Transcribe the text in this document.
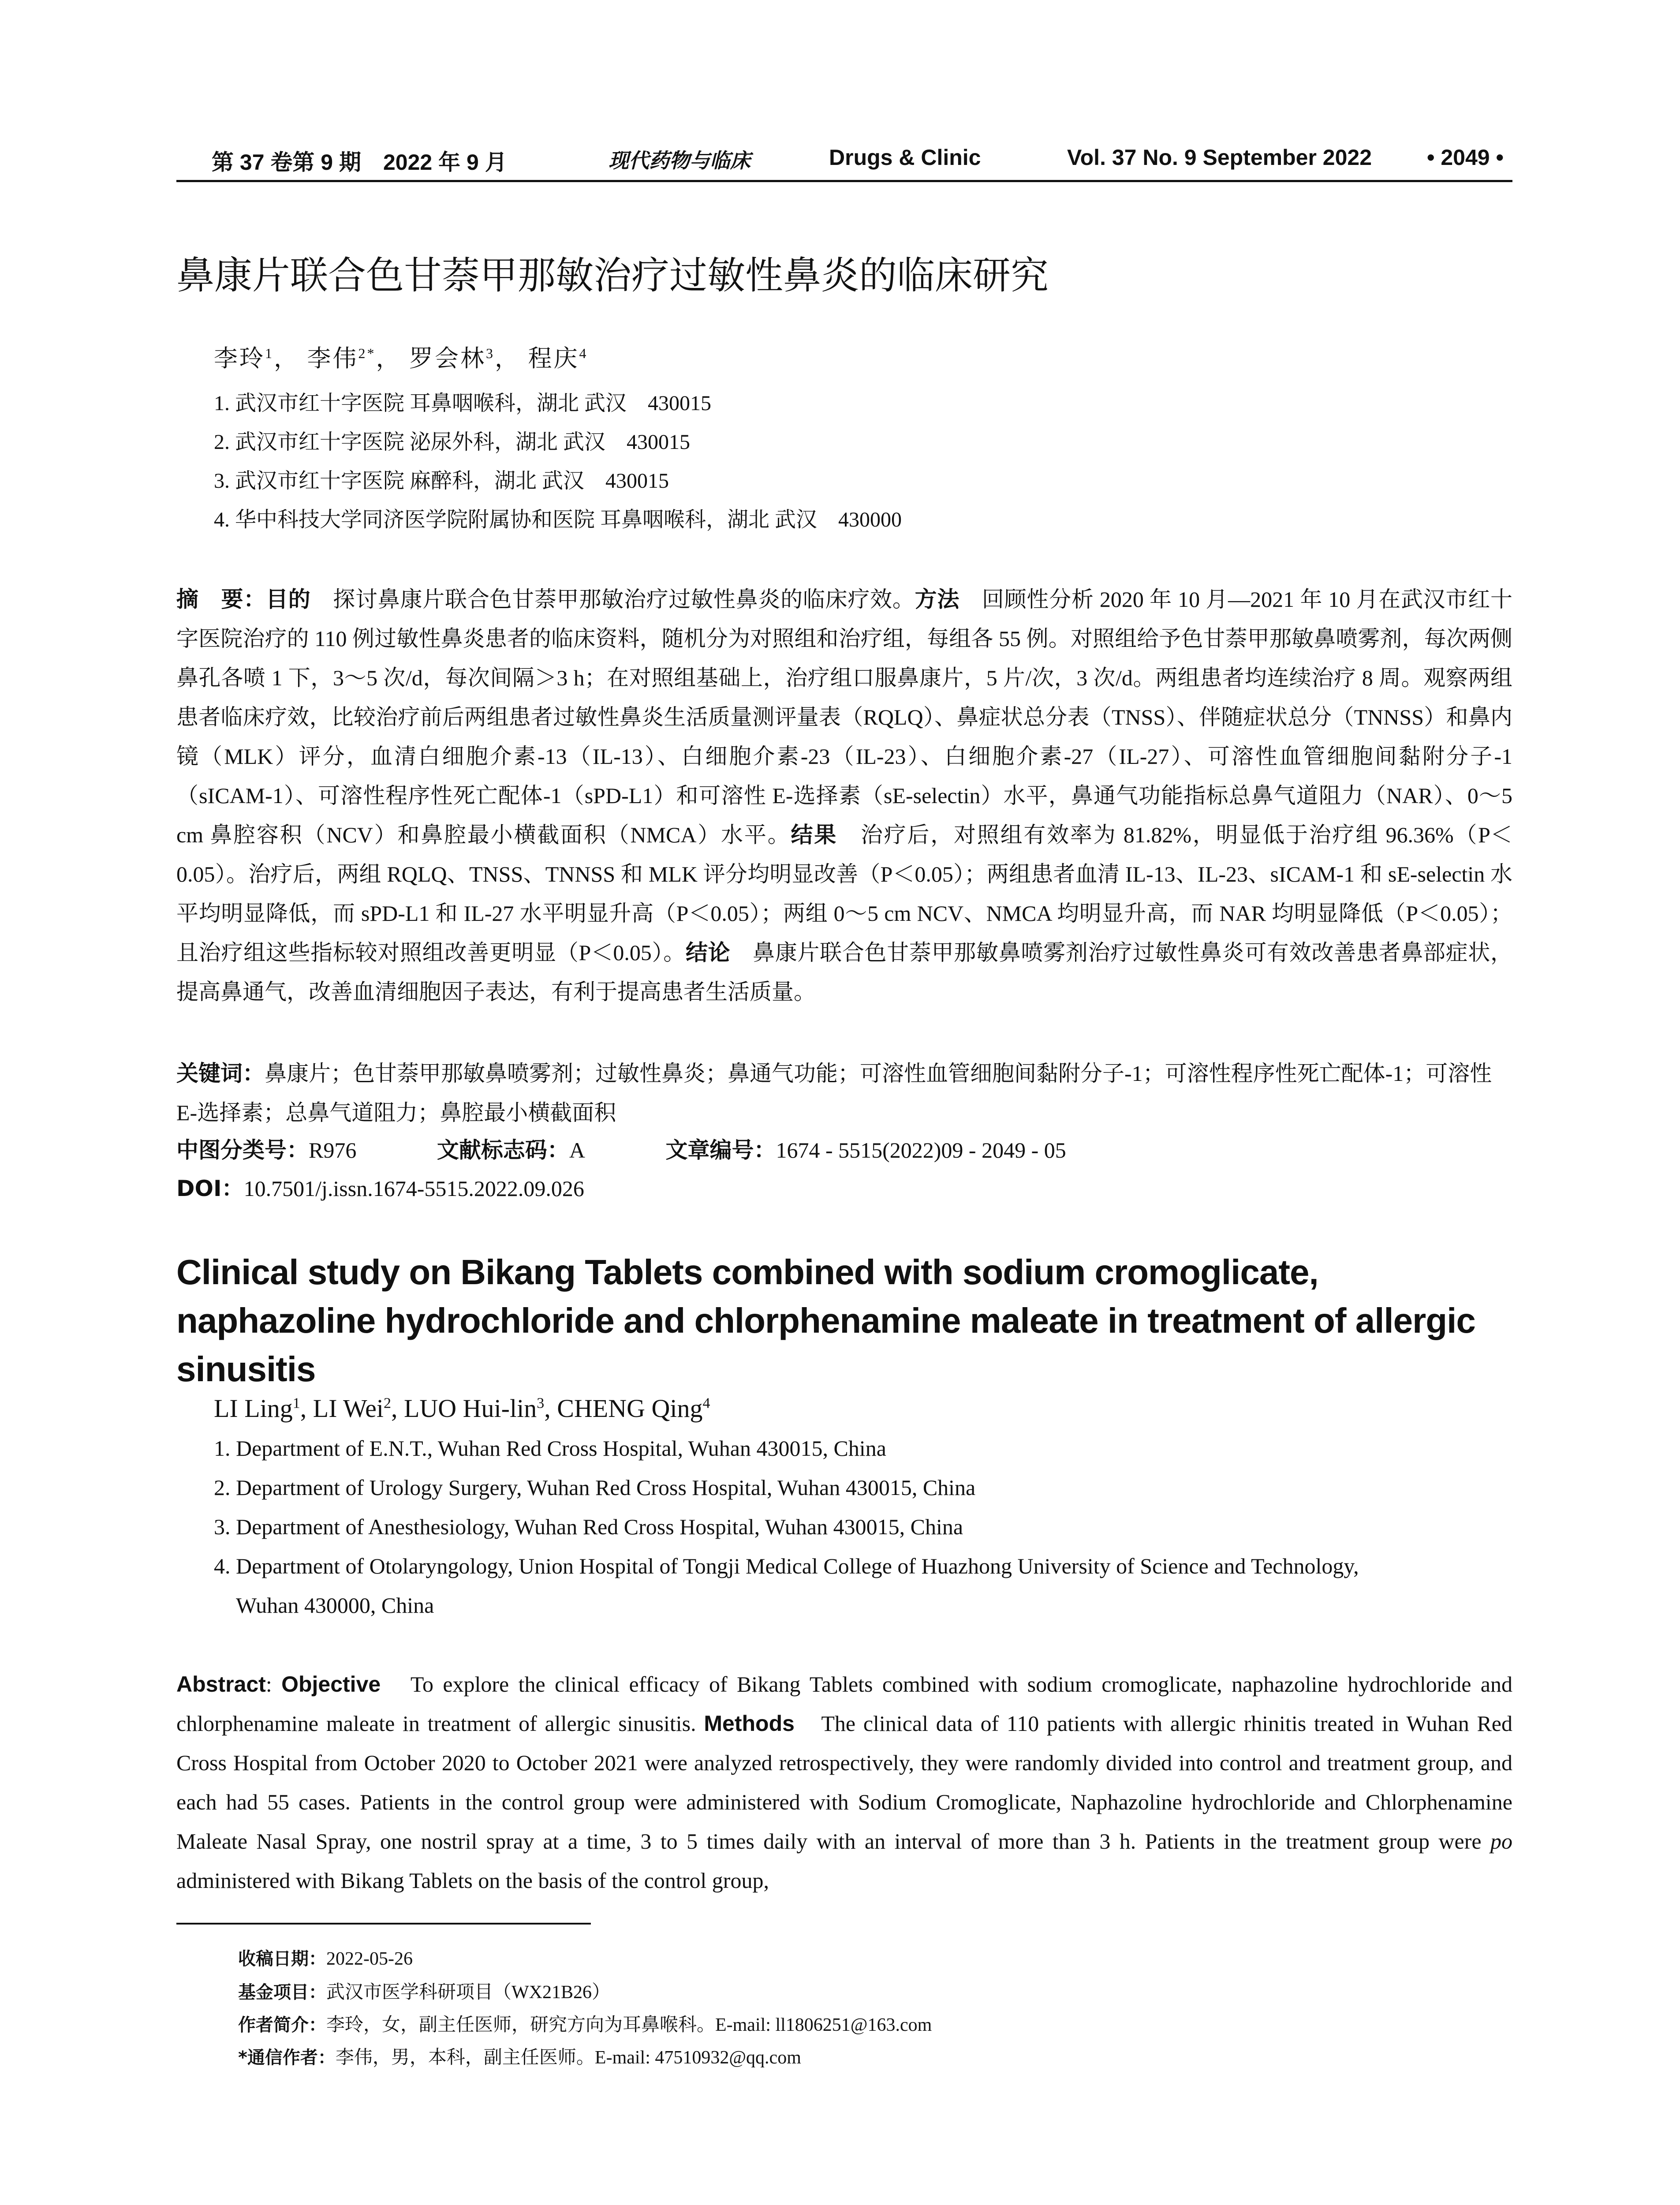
第 37 卷第 9 期　2022 年 9 月	现代药物与临床	Drugs & Clinic	Vol. 37 No. 9 September 2022 • 2049 •
鼻康片联合色甘萘甲那敏治疗过敏性鼻炎的临床研究
李玲$^1$， 李伟$^{2*}$， 罗会林$^3$， 程庆$^4$
1. 武汉市红十字医院 耳鼻咽喉科，湖北 武汉　430015
2. 武汉市红十字医院 泌尿外科，湖北 武汉　430015
3. 武汉市红十字医院 麻醉科，湖北 武汉　430015
4. 华中科技大学同济医学院附属协和医院 耳鼻咽喉科，湖北 武汉　430000
摘　要：目的　探讨鼻康片联合色甘萘甲那敏治疗过敏性鼻炎的临床疗效。方法　回顾性分析 2020 年 10 月—2021 年 10 月在武汉市红十字医院治疗的 110 例过敏性鼻炎患者的临床资料，随机分为对照组和治疗组，每组各 55 例。对照组给予色甘萘甲那敏鼻喷雾剂，每次两侧鼻孔各喷 1 下，3～5 次/d，每次间隔＞3 h；在对照组基础上，治疗组口服鼻康片，5 片/次，3 次/d。两组患者均连续治疗 8 周。观察两组患者临床疗效，比较治疗前后两组患者过敏性鼻炎生活质量测评量表（RQLQ）、鼻症状总分表（TNSS）、伴随症状总分（TNNSS）和鼻内镜（MLK）评分，血清白细胞介素-13（IL-13）、白细胞介素-23（IL-23）、白细胞介素-27（IL-27）、可溶性血管细胞间黏附分子-1（sICAM-1）、可溶性程序性死亡配体-1（sPD-L1）和可溶性 E-选择素（sE-selectin）水平，鼻通气功能指标总鼻气道阻力（NAR）、0～5 cm 鼻腔容积（NCV）和鼻腔最小横截面积（NMCA）水平。结果　治疗后，对照组有效率为 81.82%，明显低于治疗组 96.36%（P＜0.05）。治疗后，两组 RQLQ、TNSS、TNNSS 和 MLK 评分均明显改善（P＜0.05）；两组患者血清 IL-13、IL-23、sICAM-1 和 sE-selectin 水平均明显降低，而 sPD-L1 和 IL-27 水平明显升高（P＜0.05）；两组 0～5 cm NCV、NMCA 均明显升高，而 NAR 均明显降低（P＜0.05）；且治疗组这些指标较对照组改善更明显（P＜0.05）。结论　鼻康片联合色甘萘甲那敏鼻喷雾剂治疗过敏性鼻炎可有效改善患者鼻部症状，提高鼻通气，改善血清细胞因子表达，有利于提高患者生活质量。
关键词：鼻康片；色甘萘甲那敏鼻喷雾剂；过敏性鼻炎；鼻通气功能；可溶性血管细胞间黏附分子-1；可溶性程序性死亡配体-1；可溶性 E-选择素；总鼻气道阻力；鼻腔最小横截面积
中图分类号：R976	文献标志码：A	文章编号：1674 - 5515(2022)09 - 2049 - 05
DOI：10.7501/j.issn.1674-5515.2022.09.026
Clinical study on Bikang Tablets combined with sodium cromoglicate, naphazoline hydrochloride and chlorphenamine maleate in treatment of allergic sinusitis
LI Ling$^1$, LI Wei$^2$, LUO Hui-lin$^3$, CHENG Qing$^4$
1. Department of E.N.T., Wuhan Red Cross Hospital, Wuhan 430015, China
2. Department of Urology Surgery, Wuhan Red Cross Hospital, Wuhan 430015, China
3. Department of Anesthesiology, Wuhan Red Cross Hospital, Wuhan 430015, China
4. Department of Otolaryngology, Union Hospital of Tongji Medical College of Huazhong University of Science and Technology,
Wuhan 430000, China
Abstract: Objective　To explore the clinical efficacy of Bikang Tablets combined with sodium cromoglicate, naphazoline hydrochloride and chlorphenamine maleate in treatment of allergic sinusitis. Methods　The clinical data of 110 patients with allergic rhinitis treated in Wuhan Red Cross Hospital from October 2020 to October 2021 were analyzed retrospectively, they were randomly divided into control and treatment group, and each had 55 cases. Patients in the control group were administered with Sodium Cromoglicate, Naphazoline hydrochloride and Chlorphenamine Maleate Nasal Spray, one nostril spray at a time, 3 to 5 times daily with an interval of more than 3 h. Patients in the treatment group were po administered with Bikang Tablets on the basis of the control group,
收稿日期：2022-05-26
基金项目：武汉市医学科研项目（WX21B26）
作者简介：李玲，女，副主任医师，研究方向为耳鼻喉科。E-mail: ll1806251@163.com
*通信作者：李伟，男，本科，副主任医师。E-mail: 47510932@qq.com
